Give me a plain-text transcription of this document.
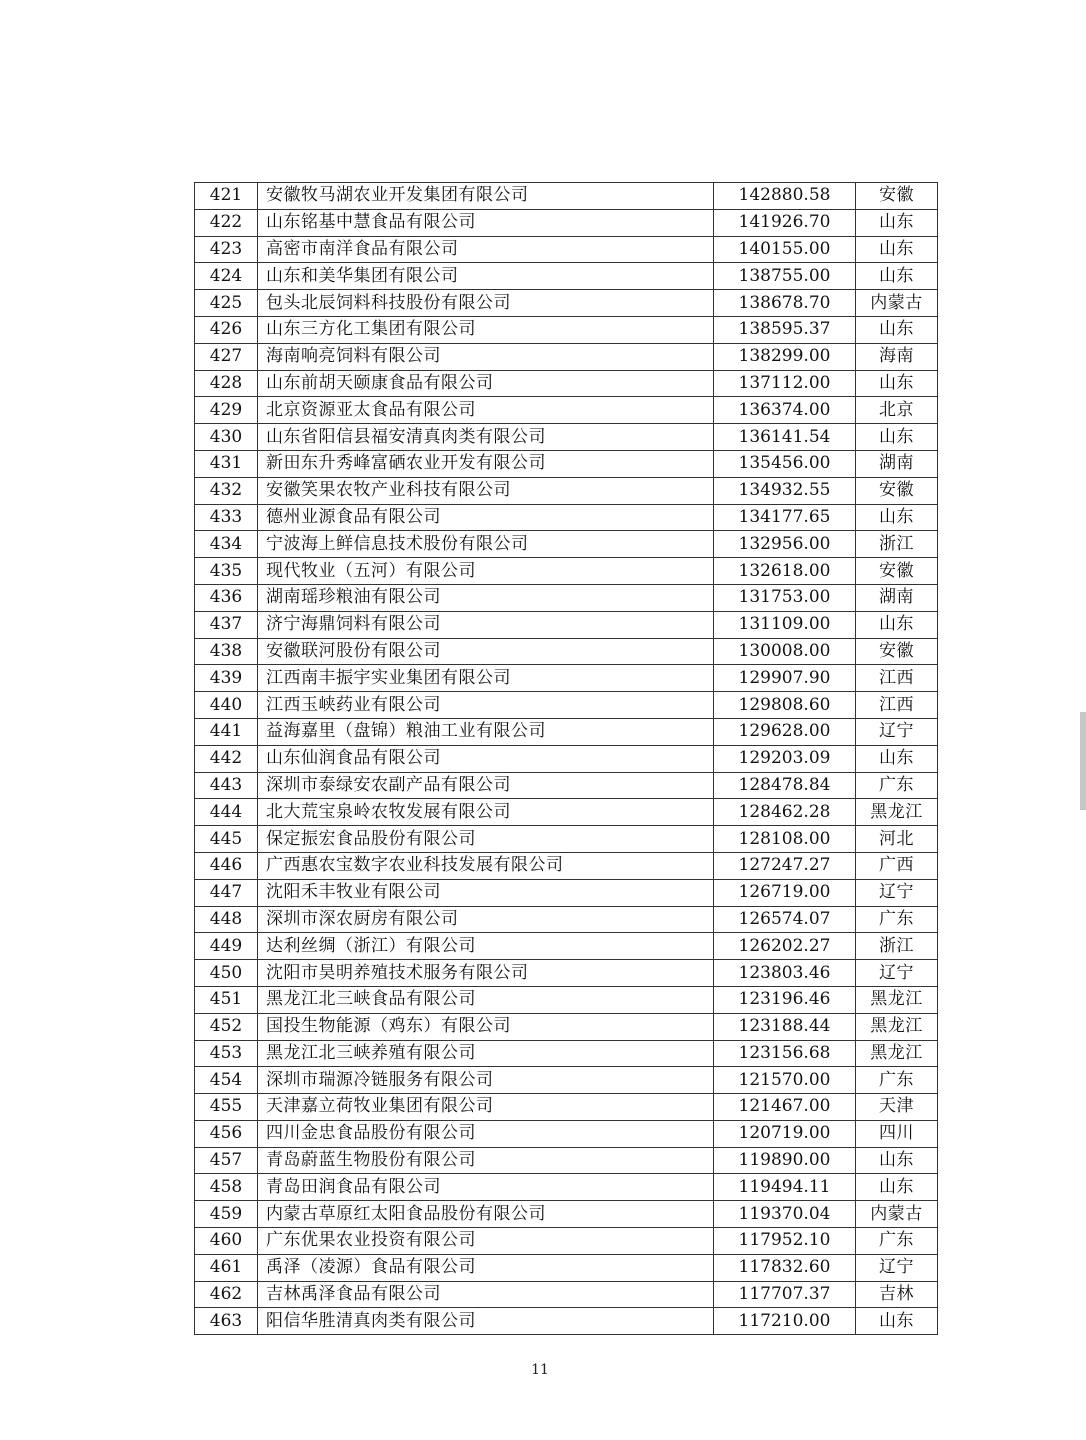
421	安徽牧马湖农业开发集团有限公司	142880.58	安徽
422	山东铭基中慧食品有限公司	141926.70	山东
423	高密市南洋食品有限公司	140155.00	山东
424	山东和美华集团有限公司	138755.00	山东
425	包头北辰饲料科技股份有限公司	138678.70	内蒙古
426	山东三方化工集团有限公司	138595.37	山东
427	海南响亮饲料有限公司	138299.00	海南
428	山东前胡天颐康食品有限公司	137112.00	山东
429	北京资源亚太食品有限公司	136374.00	北京
430	山东省阳信县福安清真肉类有限公司	136141.54	山东
431	新田东升秀峰富硒农业开发有限公司	135456.00	湖南
432	安徽笑果农牧产业科技有限公司	134932.55	安徽
433	德州业源食品有限公司	134177.65	山东
434	宁波海上鲜信息技术股份有限公司	132956.00	浙江
435	现代牧业（五河）有限公司	132618.00	安徽
436	湖南瑶珍粮油有限公司	131753.00	湖南
437	济宁海鼎饲料有限公司	131109.00	山东
438	安徽联河股份有限公司	130008.00	安徽
439	江西南丰振宇实业集团有限公司	129907.90	江西
440	江西玉峡药业有限公司	129808.60	江西
441	益海嘉里（盘锦）粮油工业有限公司	129628.00	辽宁
442	山东仙润食品有限公司	129203.09	山东
443	深圳市泰绿安农副产品有限公司	128478.84	广东
444	北大荒宝泉岭农牧发展有限公司	128462.28	黑龙江
445	保定振宏食品股份有限公司	128108.00	河北
446	广西惠农宝数字农业科技发展有限公司	127247.27	广西
447	沈阳禾丰牧业有限公司	126719.00	辽宁
448	深圳市深农厨房有限公司	126574.07	广东
449	达利丝绸（浙江）有限公司	126202.27	浙江
450	沈阳市昊明养殖技术服务有限公司	123803.46	辽宁
451	黑龙江北三峡食品有限公司	123196.46	黑龙江
452	国投生物能源（鸡东）有限公司	123188.44	黑龙江
453	黑龙江北三峡养殖有限公司	123156.68	黑龙江
454	深圳市瑞源冷链服务有限公司	121570.00	广东
455	天津嘉立荷牧业集团有限公司	121467.00	天津
456	四川金忠食品股份有限公司	120719.00	四川
457	青岛蔚蓝生物股份有限公司	119890.00	山东
458	青岛田润食品有限公司	119494.11	山东
459	内蒙古草原红太阳食品股份有限公司	119370.04	内蒙古
460	广东优果农业投资有限公司	117952.10	广东
461	禹泽（凌源）食品有限公司	117832.60	辽宁
462	吉林禹泽食品有限公司	117707.37	吉林
463	阳信华胜清真肉类有限公司	117210.00	山东
11
